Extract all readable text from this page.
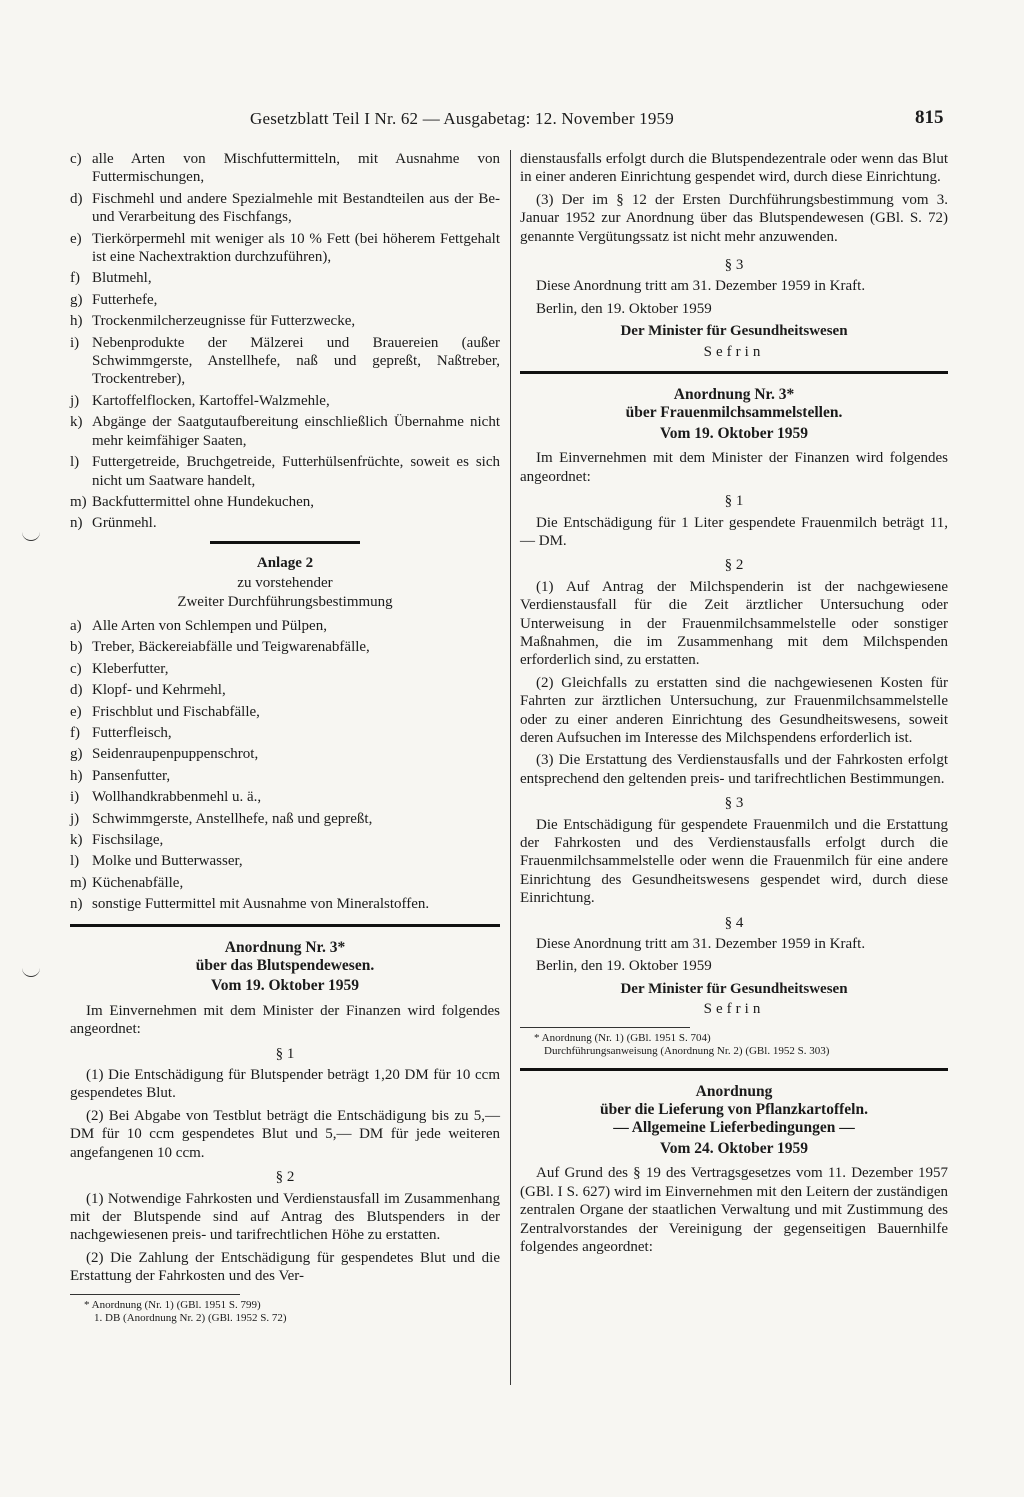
Gesetzblatt Teil I Nr. 62 — Ausgabetag: 12. November 1959	815
c) alle Arten von Mischfuttermitteln, mit Ausnahme von Futtermischungen,
d) Fischmehl und andere Spezialmehle mit Bestandteilen aus der Be- und Verarbeitung des Fischfangs,
e) Tierkörpermehl mit weniger als 10 % Fett (bei höherem Fettgehalt ist eine Nachextraktion durchzuführen),
f) Blutmehl,
g) Futterhefe,
h) Trockenmilcherzeugnisse für Futterzwecke,
i) Nebenprodukte der Mälzerei und Brauereien (außer Schwimmgerste, Anstellhefe, naß und gepreßt, Naßtreber, Trockentreber),
j) Kartoffelflocken, Kartoffel-Walzmehle,
k) Abgänge der Saatgutaufbereitung einschließlich Übernahme nicht mehr keimfähiger Saaten,
l) Futtergetreide, Bruchgetreide, Futterhülsenfrüchte, soweit es sich nicht um Saatware handelt,
m) Backfuttermittel ohne Hundekuchen,
n) Grünmehl.
Anlage 2
zu vorstehender
Zweiter Durchführungsbestimmung
a) Alle Arten von Schlempen und Pülpen,
b) Treber, Bäckereiabfälle und Teigwarenabfälle,
c) Kleberfutter,
d) Klopf- und Kehrmehl,
e) Frischblut und Fischabfälle,
f) Futterfleisch,
g) Seidenraupenpuppenschrot,
h) Pansenfutter,
i) Wollhandkrabbenmehl u. ä.,
j) Schwimmgerste, Anstellhefe, naß und gepreßt,
k) Fischsilage,
l) Molke und Butterwasser,
m) Küchenabfälle,
n) sonstige Futtermittel mit Ausnahme von Mineralstoffen.
Anordnung Nr. 3*
über das Blutspendewesen.
Vom 19. Oktober 1959

Im Einvernehmen mit dem Minister der Finanzen wird folgendes angeordnet:

§ 1

(1) Die Entschädigung für Blutspender beträgt 1,20 DM für 10 ccm gespendetes Blut.

(2) Bei Abgabe von Testblut beträgt die Entschädigung bis zu 5,— DM für 10 ccm gespendetes Blut und 5,— DM für jede weiteren angefangenen 10 ccm.

§ 2

(1) Notwendige Fahrkosten und Verdienstausfall im Zusammenhang mit der Blutspende sind auf Antrag des Blutspenders in der nachgewiesenen preis- und tarifrechtlichen Höhe zu erstatten.

(2) Die Zahlung der Entschädigung für gespendetes Blut und die Erstattung der Fahrkosten und des Ver-

* Anordnung (Nr. 1) (GBl. 1951 S. 799)

1. DB (Anordnung Nr. 2) (GBl. 1952 S. 72)

dienstausfalls erfolgt durch die Blutspendezentrale oder wenn das Blut in einer anderen Einrichtung gespendet wird, durch diese Einrichtung.

(3) Der im § 12 der Ersten Durchführungsbestimmung vom 3. Januar 1952 zur Anordnung über das Blutspendewesen (GBl. S. 72) genannte Vergütungssatz ist nicht mehr anzuwenden.

§ 3

Diese Anordnung tritt am 31. Dezember 1959 in Kraft.

Berlin, den 19. Oktober 1959

Der Minister für Gesundheitswesen
Sefrin
Anordnung Nr. 3*
über Frauenmilchsammelstellen.
Vom 19. Oktober 1959

Im Einvernehmen mit dem Minister der Finanzen wird folgendes angeordnet:

§ 1

Die Entschädigung für 1 Liter gespendete Frauenmilch beträgt 11,— DM.

§ 2

(1) Auf Antrag der Milchspenderin ist der nachgewiesene Verdienstausfall für die Zeit ärztlicher Untersuchung oder Unterweisung in der Frauenmilchsammelstelle oder sonstiger Maßnahmen, die im Zusammenhang mit dem Milchspenden erforderlich sind, zu erstatten.

(2) Gleichfalls zu erstatten sind die nachgewiesenen Kosten für Fahrten zur ärztlichen Untersuchung, zur Frauenmilchsammelstelle oder zu einer anderen Einrichtung des Gesundheitswesens, soweit deren Aufsuchen im Interesse des Milchspendens erforderlich ist.

(3) Die Erstattung des Verdienstausfalls und der Fahrkosten erfolgt entsprechend den geltenden preis- und tarifrechtlichen Bestimmungen.

§ 3

Die Entschädigung für gespendete Frauenmilch und die Erstattung der Fahrkosten und des Verdienstausfalls erfolgt durch die Frauenmilchsammelstelle oder wenn die Frauenmilch für eine andere Einrichtung des Gesundheitswesens gespendet wird, durch diese Einrichtung.

§ 4

Diese Anordnung tritt am 31. Dezember 1959 in Kraft.

Berlin, den 19. Oktober 1959

Der Minister für Gesundheitswesen
Sefrin

* Anordnung (Nr. 1) (GBl. 1951 S. 704)

Durchführungsanweisung (Anordnung Nr. 2) (GBl. 1952 S. 303)

Anordnung
über die Lieferung von Pflanzkartoffeln.
— Allgemeine Lieferbedingungen —
Vom 24. Oktober 1959

Auf Grund des § 19 des Vertragsgesetzes vom 11. Dezember 1957 (GBl. I S. 627) wird im Einvernehmen mit den Leitern der zuständigen zentralen Organe der staatlichen Verwaltung und mit Zustimmung des Zentralvorstandes der Vereinigung der gegenseitigen Bauernhilfe folgendes angeordnet:
